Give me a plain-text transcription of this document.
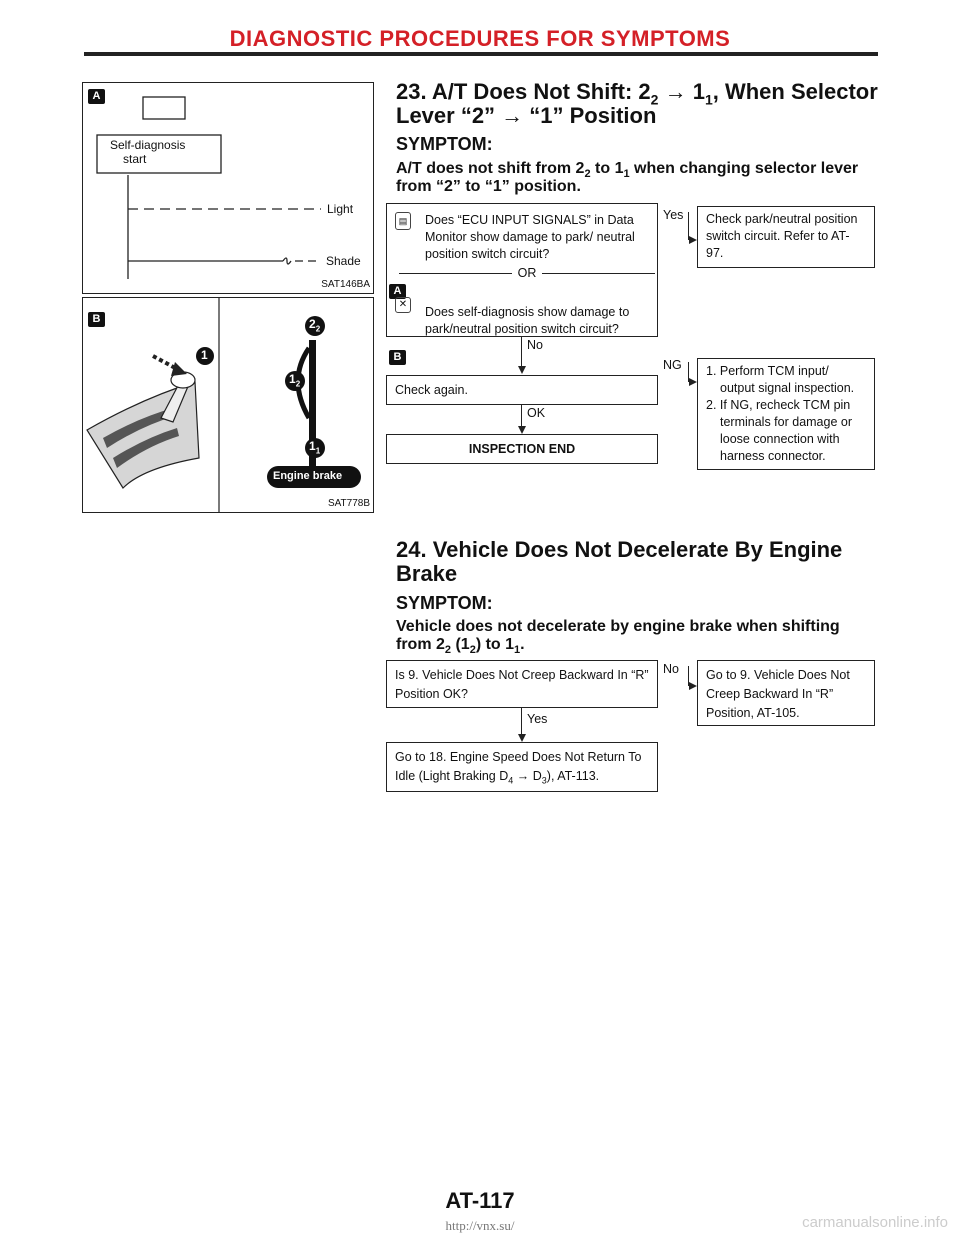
DIAGNOSTIC PROCEDURES FOR SYMPTOMS
A
Self-diagnosis
start
Light
Shade
SAT146BA
B
1
$2_2$
$1_2$
$1_1$
Engine brake
SAT778B
23. A/T Does Not Shift: $2_2 \to 1_1$, When Selector
Lever “2” → “1” Position
SYMPTOM:
A/T does not shift from $2_2$ to $1_1$ when changing selector lever
from “2” to “1” position.
Does “ECU INPUT SIGNALS” in Data Monitor show damage to park/ neutral position switch circuit?
OR
Does self-diagnosis show damage to park/neutral position switch circuit?
▤
A
✕
B
Yes	Check park/neutral position switch circuit. Refer to AT-97.
No
Check again.
NG 1. Perform TCM input/ output signal inspection.
2. If NG, recheck TCM pin terminals for damage or loose connection with harness connector.
OK
INSPECTION END
24. Vehicle Does Not Decelerate By Engine
Brake
SYMPTOM:
Vehicle does not decelerate by engine brake when shifting
from $2_2$ $(1_2)$ to $1_1$.
Is 9. Vehicle Does Not Creep Backward In “R” Position OK?
No	Go to 9. Vehicle Does Not Creep Backward In “R” Position, AT-105.
Yes
Go to 18. Engine Speed Does Not Return To Idle (Light Braking $D_4 \to D_3$), AT-113.
AT-117
http://vnx.su/	carmanualsonline.info
